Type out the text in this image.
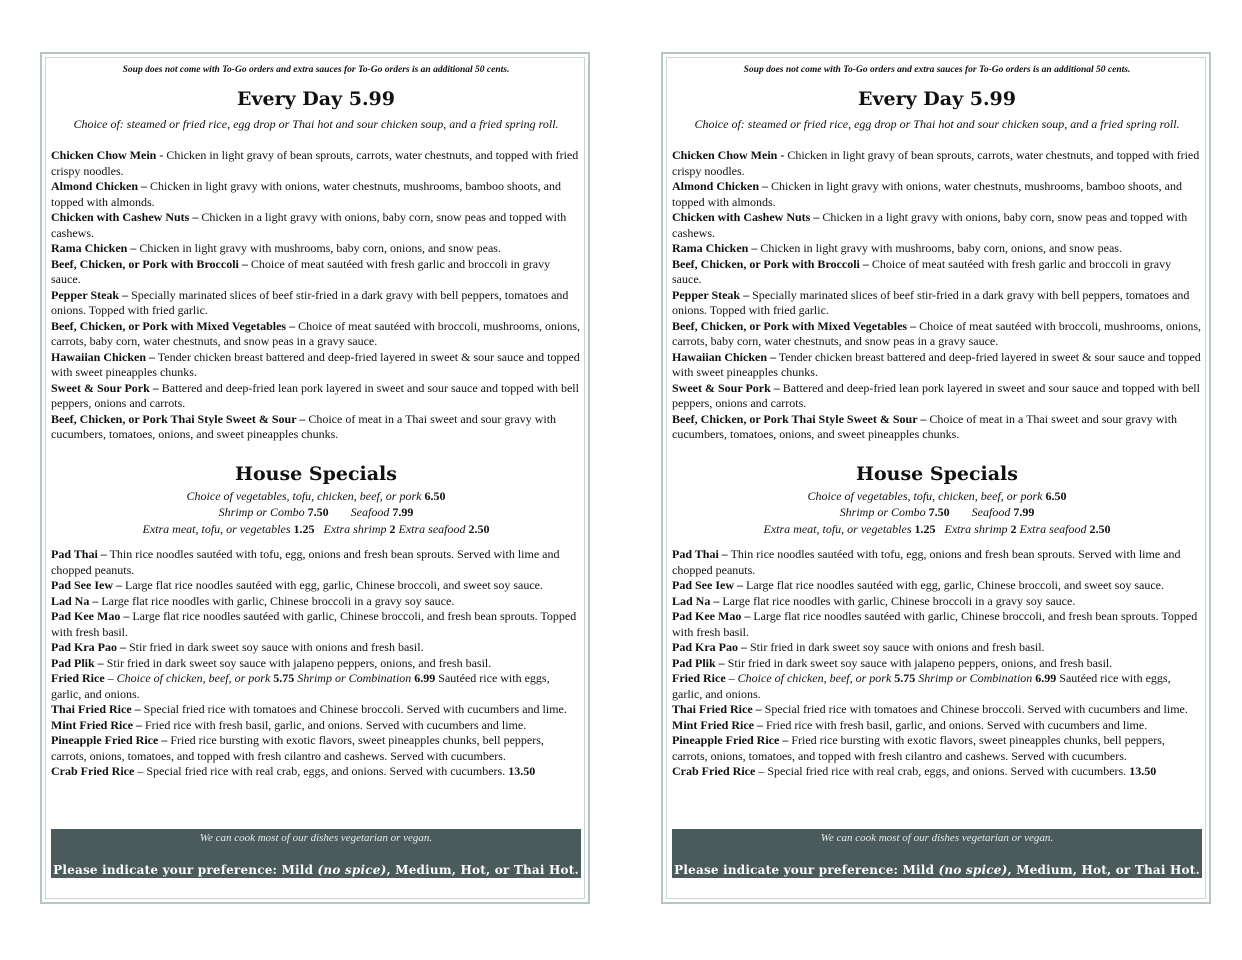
Soup does not come with To-Go orders and extra sauces for To-Go orders is an additional 50 cents.
Every Day 5.99
Choice of: steamed or fried rice, egg drop or Thai hot and sour chicken soup, and a fried spring roll.
Chicken Chow Mein - Chicken in light gravy of bean sprouts, carrots, water chestnuts, and topped with fried crispy noodles.
Almond Chicken – Chicken in light gravy with onions, water chestnuts, mushrooms, bamboo shoots, and topped with almonds.
Chicken with Cashew Nuts – Chicken in a light gravy with onions, baby corn, snow peas and topped with cashews.
Rama Chicken – Chicken in light gravy with mushrooms, baby corn, onions, and snow peas.
Beef, Chicken, or Pork with Broccoli – Choice of meat sautéed with fresh garlic and broccoli in gravy sauce.
Pepper Steak – Specially marinated slices of beef stir-fried in a dark gravy with bell peppers, tomatoes and onions. Topped with fried garlic.
Beef, Chicken, or Pork with Mixed Vegetables – Choice of meat sautéed with broccoli, mushrooms, onions, carrots, baby corn, water chestnuts, and snow peas in a gravy sauce.
Hawaiian Chicken – Tender chicken breast battered and deep-fried layered in sweet & sour sauce and topped with sweet pineapples chunks.
Sweet & Sour Pork – Battered and deep-fried lean pork layered in sweet and sour sauce and topped with bell peppers, onions and carrots.
Beef, Chicken, or Pork Thai Style Sweet & Sour – Choice of meat in a Thai sweet and sour gravy with cucumbers, tomatoes, onions, and sweet pineapples chunks.
House Specials
Choice of vegetables, tofu, chicken, beef, or pork 6.50
Shrimp or Combo 7.50 Seafood 7.99
Extra meat, tofu, or vegetables 1.25 Extra shrimp 2 Extra seafood 2.50
Pad Thai – Thin rice noodles sautéed with tofu, egg, onions and fresh bean sprouts. Served with lime and chopped peanuts.
Pad See Iew – Large flat rice noodles sautéed with egg, garlic, Chinese broccoli, and sweet soy sauce.
Lad Na – Large flat rice noodles with garlic, Chinese broccoli in a gravy soy sauce.
Pad Kee Mao – Large flat rice noodles sautéed with garlic, Chinese broccoli, and fresh bean sprouts. Topped with fresh basil.
Pad Kra Pao – Stir fried in dark sweet soy sauce with onions and fresh basil.
Pad Plik – Stir fried in dark sweet soy sauce with jalapeno peppers, onions, and fresh basil.
Fried Rice – Choice of chicken, beef, or pork 5.75 Shrimp or Combination 6.99 Sautéed rice with eggs, garlic, and onions.
Thai Fried Rice – Special fried rice with tomatoes and Chinese broccoli. Served with cucumbers and lime.
Mint Fried Rice – Fried rice with fresh basil, garlic, and onions. Served with cucumbers and lime.
Pineapple Fried Rice – Fried rice bursting with exotic flavors, sweet pineapples chunks, bell peppers, carrots, onions, tomatoes, and topped with fresh cilantro and cashews. Served with cucumbers.
Crab Fried Rice – Special fried rice with real crab, eggs, and onions. Served with cucumbers. 13.50
We can cook most of our dishes vegetarian or vegan.
Please indicate your preference: Mild (no spice), Medium, Hot, or Thai Hot.
Soup does not come with To-Go orders and extra sauces for To-Go orders is an additional 50 cents.
Every Day 5.99
Choice of: steamed or fried rice, egg drop or Thai hot and sour chicken soup, and a fried spring roll.
Chicken Chow Mein - Chicken in light gravy of bean sprouts, carrots, water chestnuts, and topped with fried crispy noodles.
Almond Chicken – Chicken in light gravy with onions, water chestnuts, mushrooms, bamboo shoots, and topped with almonds.
Chicken with Cashew Nuts – Chicken in a light gravy with onions, baby corn, snow peas and topped with cashews.
Rama Chicken – Chicken in light gravy with mushrooms, baby corn, onions, and snow peas.
Beef, Chicken, or Pork with Broccoli – Choice of meat sautéed with fresh garlic and broccoli in gravy sauce.
Pepper Steak – Specially marinated slices of beef stir-fried in a dark gravy with bell peppers, tomatoes and onions. Topped with fried garlic.
Beef, Chicken, or Pork with Mixed Vegetables – Choice of meat sautéed with broccoli, mushrooms, onions, carrots, baby corn, water chestnuts, and snow peas in a gravy sauce.
Hawaiian Chicken – Tender chicken breast battered and deep-fried layered in sweet & sour sauce and topped with sweet pineapples chunks.
Sweet & Sour Pork – Battered and deep-fried lean pork layered in sweet and sour sauce and topped with bell peppers, onions and carrots.
Beef, Chicken, or Pork Thai Style Sweet & Sour – Choice of meat in a Thai sweet and sour gravy with cucumbers, tomatoes, onions, and sweet pineapples chunks.
House Specials
Choice of vegetables, tofu, chicken, beef, or pork 6.50
Shrimp or Combo 7.50 Seafood 7.99
Extra meat, tofu, or vegetables 1.25 Extra shrimp 2 Extra seafood 2.50
Pad Thai – Thin rice noodles sautéed with tofu, egg, onions and fresh bean sprouts. Served with lime and chopped peanuts.
Pad See Iew – Large flat rice noodles sautéed with egg, garlic, Chinese broccoli, and sweet soy sauce.
Lad Na – Large flat rice noodles with garlic, Chinese broccoli in a gravy soy sauce.
Pad Kee Mao – Large flat rice noodles sautéed with garlic, Chinese broccoli, and fresh bean sprouts. Topped with fresh basil.
Pad Kra Pao – Stir fried in dark sweet soy sauce with onions and fresh basil.
Pad Plik – Stir fried in dark sweet soy sauce with jalapeno peppers, onions, and fresh basil.
Fried Rice – Choice of chicken, beef, or pork 5.75 Shrimp or Combination 6.99 Sautéed rice with eggs, garlic, and onions.
Thai Fried Rice – Special fried rice with tomatoes and Chinese broccoli. Served with cucumbers and lime.
Mint Fried Rice – Fried rice with fresh basil, garlic, and onions. Served with cucumbers and lime.
Pineapple Fried Rice – Fried rice bursting with exotic flavors, sweet pineapples chunks, bell peppers, carrots, onions, tomatoes, and topped with fresh cilantro and cashews. Served with cucumbers.
Crab Fried Rice – Special fried rice with real crab, eggs, and onions. Served with cucumbers. 13.50
We can cook most of our dishes vegetarian or vegan.
Please indicate your preference: Mild (no spice), Medium, Hot, or Thai Hot.
